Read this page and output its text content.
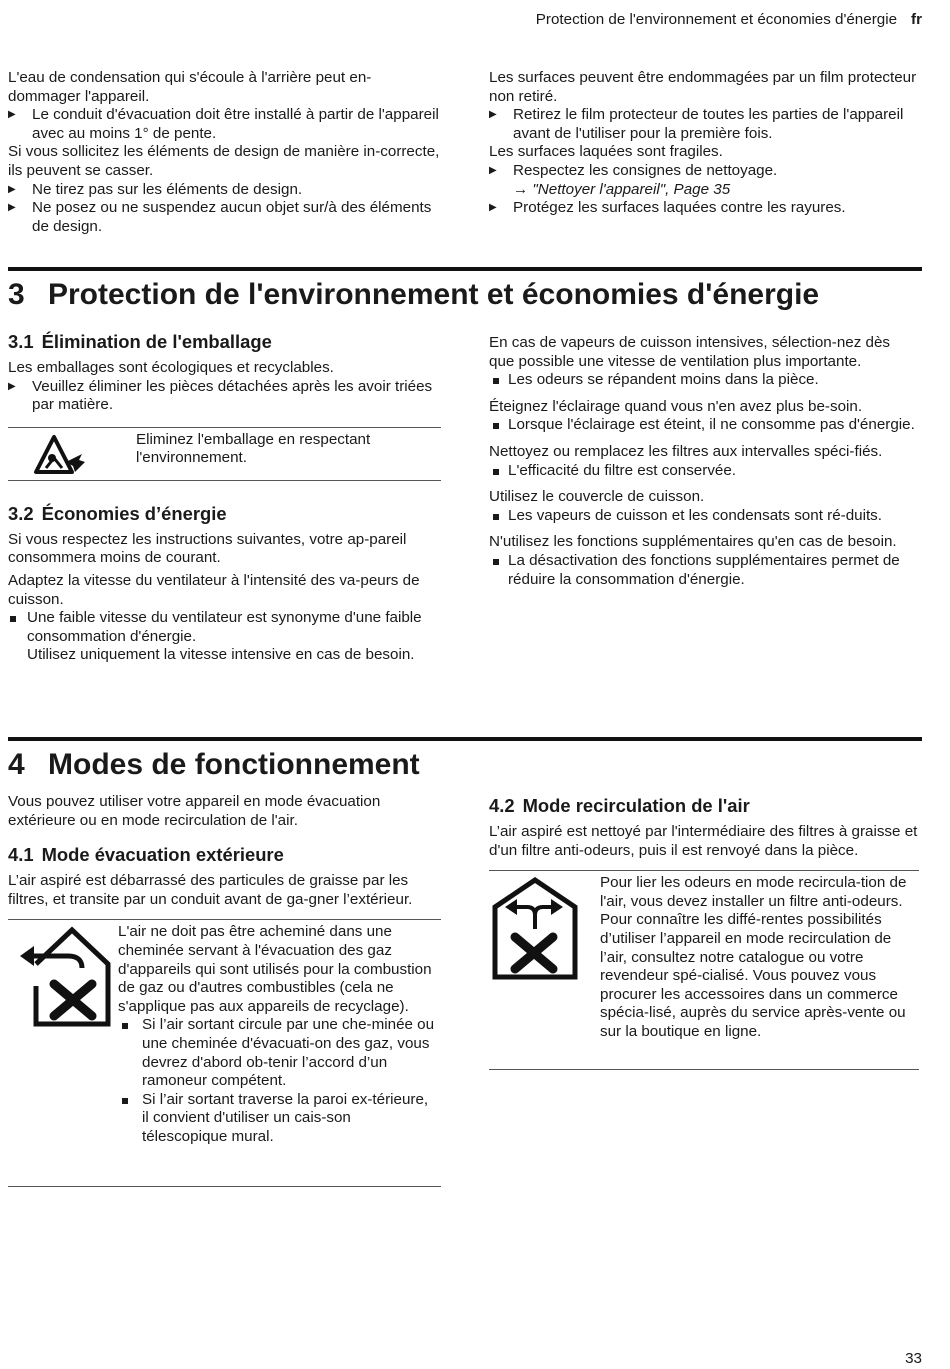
Protection de l'environnement et économies d'énergie fr

L'eau de condensation qui s'écoule à l'arrière peut en-dommager l'appareil.

▶ Le conduit d'évacuation doit être installé à partir de l'appareil avec au moins 1° de pente.

Si vous sollicitez les éléments de design de manière in-correcte, ils peuvent se casser.

▶ Ne tirez pas sur les éléments de design.
▶ Ne posez ou ne suspendez aucun objet sur/à des éléments de design.

Les surfaces peuvent être endommagées par un film protecteur non retiré.

▶ Retirez le film protecteur de toutes les parties de l'appareil avant de l'utiliser pour la première fois.

Les surfaces laquées sont fragiles.

▶ Respectez les consignes de nettoyage.
→ "Nettoyer l'appareil", Page 35
▶ Protégez les surfaces laquées contre les rayures.
3 Protection de l'environnement et économies d'énergie
3.1 Élimination de l'emballage

Les emballages sont écologiques et recyclables.

▶ Veuillez éliminer les pièces détachées après les avoir triées par matière.

Eliminez l'emballage en respectant l'environnement.

3.2 Économies d’énergie

Si vous respectez les instructions suivantes, votre ap-pareil consommera moins de courant.

Adaptez la vitesse du ventilateur à l'intensité des va-peurs de cuisson.

Une faible vitesse du ventilateur est synonyme d'une faible consommation d'énergie.
Utilisez uniquement la vitesse intensive en cas de besoin.

En cas de vapeurs de cuisson intensives, sélection-nez dès que possible une vitesse de ventilation plus importante.

Les odeurs se répandent moins dans la pièce.

Éteignez l'éclairage quand vous n'en avez plus be-soin.

Lorsque l'éclairage est éteint, il ne consomme pas d'énergie.

Nettoyez ou remplacez les filtres aux intervalles spéci-fiés.

L'efficacité du filtre est conservée.

Utilisez le couvercle de cuisson.

Les vapeurs de cuisson et les condensats sont ré-duits.

N'utilisez les fonctions supplémentaires qu'en cas de besoin.

La désactivation des fonctions supplémentaires permet de réduire la consommation d'énergie.
4 Modes de fonctionnement

Vous pouvez utiliser votre appareil en mode évacuation extérieure ou en mode recirculation de l'air.

4.1 Mode évacuation extérieure

L’air aspiré est débarrassé des particules de graisse par les filtres, et transite par un conduit avant de ga-gner l’extérieur.

L'air ne doit pas être acheminé dans une cheminée servant à l'évacuation des gaz d'appareils qui sont utilisés pour la combustion de gaz ou d'autres combustibles (cela ne s'applique pas aux appareils de recyclage).

Si l’air sortant circule par une che-minée ou une cheminée d'évacuati-on des gaz, vous devrez d'abord ob-tenir l’accord d’un ramoneur compétent.
Si l’air sortant traverse la paroi ex-térieure, il convient d'utiliser un cais-son télescopique mural.
4.2 Mode recirculation de l'air

L’air aspiré est nettoyé par l'intermédiaire des filtres à graisse et d'un filtre anti-odeurs, puis il est renvoyé dans la pièce.

Pour lier les odeurs en mode recircula-tion de l'air, vous devez installer un filtre anti-odeurs. Pour connaître les diffé-rentes possibilités d’utiliser l’appareil en mode recirculation de l’air, consultez notre catalogue ou votre revendeur spé-cialisé. Vous pouvez vous procurer les accessoires dans un commerce spécia-lisé, auprès du service après-vente ou sur la boutique en ligne.

33
